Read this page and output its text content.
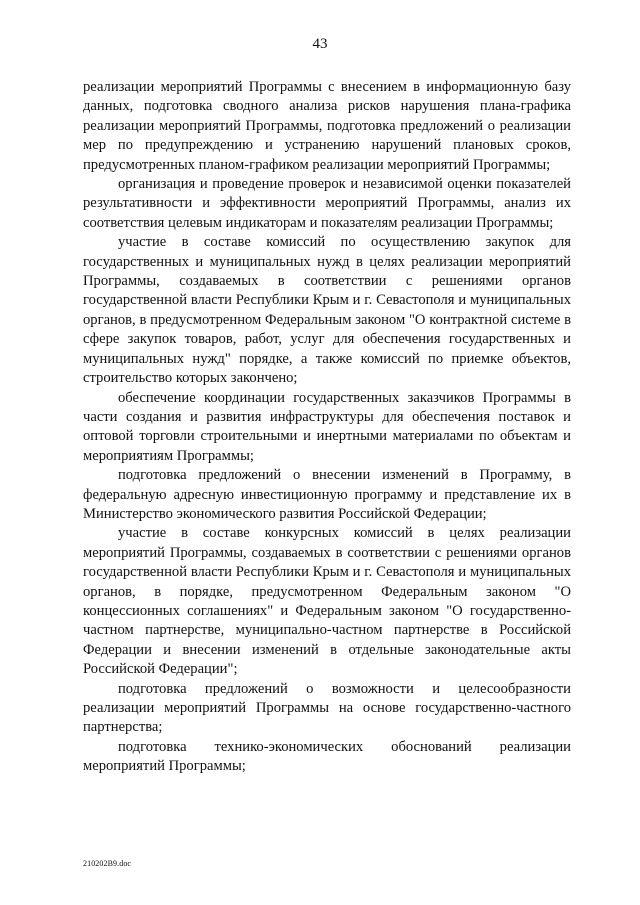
43

реализации мероприятий Программы с внесением в информационную базу данных, подготовка сводного анализа рисков нарушения плана-графика реализации мероприятий Программы, подготовка предложений о реализации мер по предупреждению и устранению нарушений плановых сроков, предусмотренных планом-графиком реализации мероприятий Программы;

организация и проведение проверок и независимой оценки показателей результативности и эффективности мероприятий Программы, анализ их соответствия целевым индикаторам и показателям реализации Программы;

участие в составе комиссий по осуществлению закупок для государственных и муниципальных нужд в целях реализации мероприятий Программы, создаваемых в соответствии с решениями органов государственной власти Республики Крым и г. Севастополя и муниципальных органов, в предусмотренном Федеральным законом "О контрактной системе в сфере закупок товаров, работ, услуг для обеспечения государственных и муниципальных нужд" порядке, а также комиссий по приемке объектов, строительство которых закончено;

обеспечение координации государственных заказчиков Программы в части создания и развития инфраструктуры для обеспечения поставок и оптовой торговли строительными и инертными материалами по объектам и мероприятиям Программы;

подготовка предложений о внесении изменений в Программу, в федеральную адресную инвестиционную программу и представление их в Министерство экономического развития Российской Федерации;

участие в составе конкурсных комиссий в целях реализации мероприятий Программы, создаваемых в соответствии с решениями органов государственной власти Республики Крым и г. Севастополя и муниципальных органов, в порядке, предусмотренном Федеральным законом "О концессионных соглашениях" и Федеральным законом "О государственно-частном партнерстве, муниципально-частном партнерстве в Российской Федерации и внесении изменений в отдельные законодательные акты Российской Федерации";

подготовка предложений о возможности и целесообразности реализации мероприятий Программы на основе государственно-частного партнерства;

подготовка технико-экономических обоснований реализации мероприятий Программы;

210202В9.doc
